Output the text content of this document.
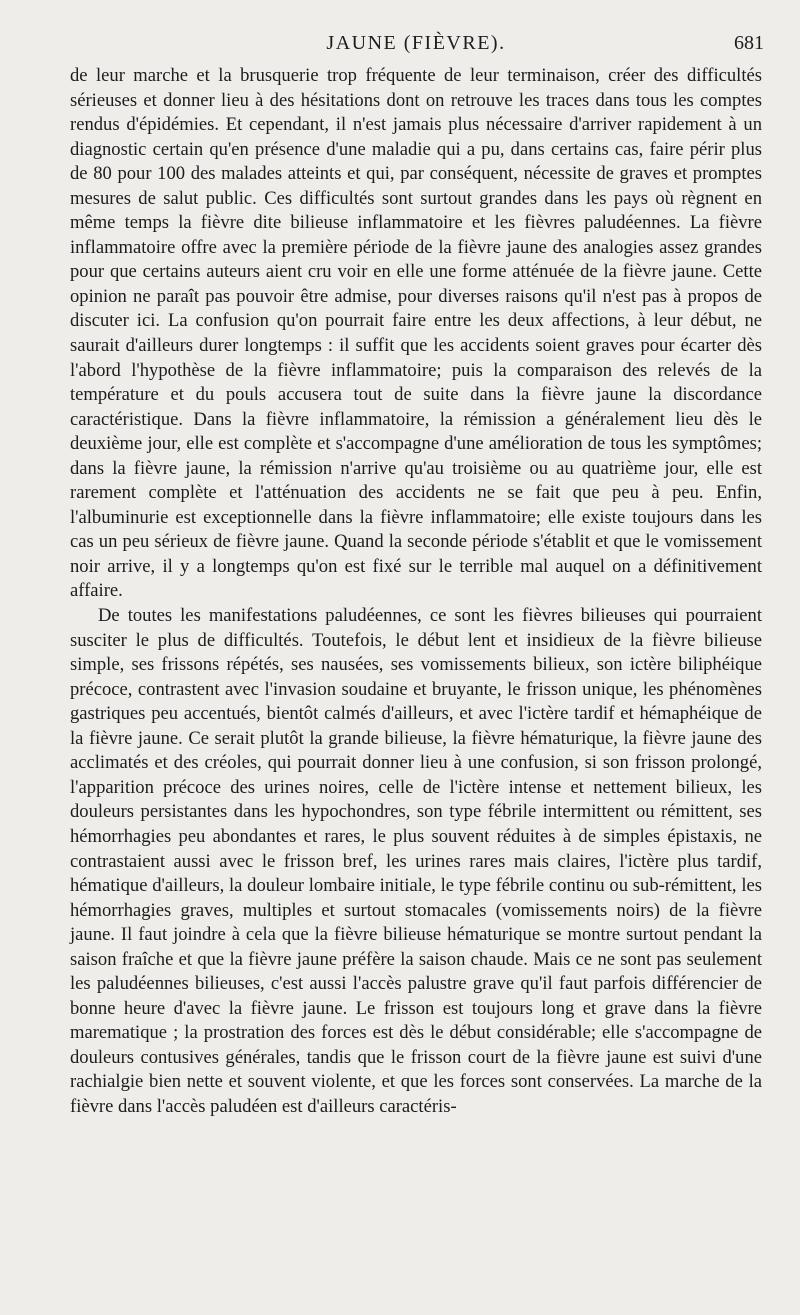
JAUNE (FIÈVRE).	681

de leur marche et la brusquerie trop fréquente de leur terminaison, créer des difficultés sérieuses et donner lieu à des hésitations dont on retrouve les traces dans tous les comptes rendus d'épidémies. Et cependant, il n'est jamais plus nécessaire d'arriver rapidement à un diagnostic certain qu'en présence d'une maladie qui a pu, dans certains cas, faire périr plus de 80 pour 100 des malades atteints et qui, par conséquent, nécessite de graves et promptes mesures de salut public. Ces difficultés sont surtout grandes dans les pays où règnent en même temps la fièvre dite bilieuse inflammatoire et les fièvres paludéennes. La fièvre inflammatoire offre avec la première période de la fièvre jaune des analogies assez grandes pour que certains auteurs aient cru voir en elle une forme atténuée de la fièvre jaune. Cette opinion ne paraît pas pouvoir être admise, pour diverses raisons qu'il n'est pas à propos de discuter ici. La confusion qu'on pourrait faire entre les deux affections, à leur début, ne saurait d'ailleurs durer longtemps : il suffit que les accidents soient graves pour écarter dès l'abord l'hypothèse de la fièvre inflammatoire; puis la comparaison des relevés de la température et du pouls accusera tout de suite dans la fièvre jaune la discordance caractéristique. Dans la fièvre inflammatoire, la rémission a généralement lieu dès le deuxième jour, elle est complète et s'accompagne d'une amélioration de tous les symptômes; dans la fièvre jaune, la rémission n'arrive qu'au troisième ou au quatrième jour, elle est rarement complète et l'atténuation des accidents ne se fait que peu à peu. Enfin, l'albuminurie est exceptionnelle dans la fièvre inflammatoire; elle existe toujours dans les cas un peu sérieux de fièvre jaune. Quand la seconde période s'établit et que le vomissement noir arrive, il y a longtemps qu'on est fixé sur le terrible mal auquel on a définitivement affaire.

De toutes les manifestations paludéennes, ce sont les fièvres bilieuses qui pourraient susciter le plus de difficultés. Toutefois, le début lent et insidieux de la fièvre bilieuse simple, ses frissons répétés, ses nausées, ses vomissements bilieux, son ictère biliphéique précoce, contrastent avec l'invasion soudaine et bruyante, le frisson unique, les phénomènes gastriques peu accentués, bientôt calmés d'ailleurs, et avec l'ictère tardif et hémaphéique de la fièvre jaune. Ce serait plutôt la grande bilieuse, la fièvre hématurique, la fièvre jaune des acclimatés et des créoles, qui pourrait donner lieu à une confusion, si son frisson prolongé, l'apparition précoce des urines noires, celle de l'ictère intense et nettement bilieux, les douleurs persistantes dans les hypochondres, son type fébrile intermittent ou rémittent, ses hémorrhagies peu abondantes et rares, le plus souvent réduites à de simples épistaxis, ne contrastaient aussi avec le frisson bref, les urines rares mais claires, l'ictère plus tardif, hématique d'ailleurs, la douleur lombaire initiale, le type fébrile continu ou sub-rémittent, les hémorrhagies graves, multiples et surtout stomacales (vomissements noirs) de la fièvre jaune. Il faut joindre à cela que la fièvre bilieuse hématurique se montre surtout pendant la saison fraîche et que la fièvre jaune préfère la saison chaude. Mais ce ne sont pas seulement les paludéennes bilieuses, c'est aussi l'accès palustre grave qu'il faut parfois différencier de bonne heure d'avec la fièvre jaune. Le frisson est toujours long et grave dans la fièvre marematique ; la prostration des forces est dès le début considérable; elle s'accompagne de douleurs contusives générales, tandis que le frisson court de la fièvre jaune est suivi d'une rachialgie bien nette et souvent violente, et que les forces sont conservées. La marche de la fièvre dans l'accès paludéen est d'ailleurs caractéris-
